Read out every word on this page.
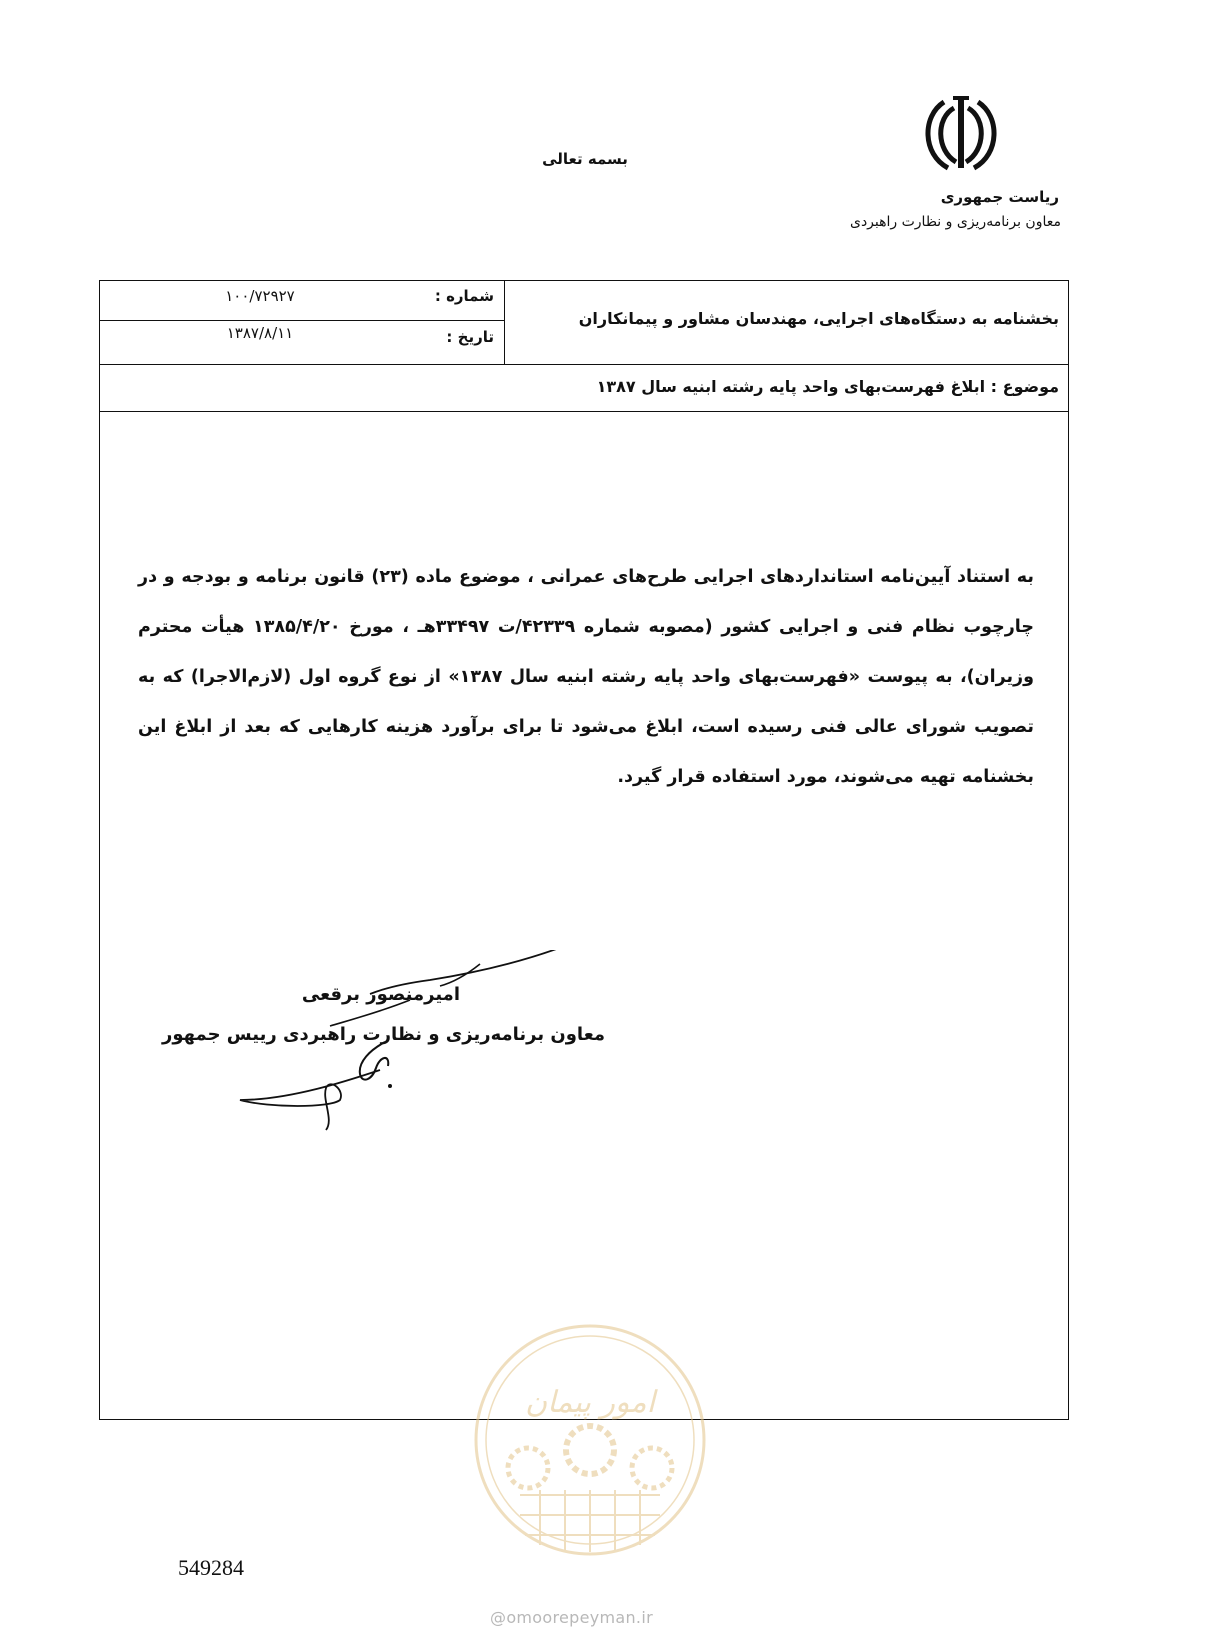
بسمه تعالی
ریاست جمهوری
معاون برنامه‌ریزی و نظارت راهبردی
بخشنامه به دستگاه‌های اجرایی، مهندسان مشاور و پیمانکاران
شماره :
۱۰۰/۷۲۹۲۷
تاریخ :
۱۳۸۷/۸/۱۱
موضوع : ابلاغ فهرست‌بهای واحد پایه رشته ابنیه سال ۱۳۸۷
به استناد آیین‌نامه استانداردهای اجرایی طرح‌های عمرانی ، موضوع ماده (۲۳) قانون برنامه و بودجه و در چارچوب نظام فنی و اجرایی کشور (مصوبه شماره ۴۲۳۳۹/ت ۳۳۴۹۷هـ ، مورخ ۱۳۸۵/۴/۲۰ هیأت محترم وزیران)، به پیوست «فهرست‌بهای واحد پایه رشته ابنیه سال ۱۳۸۷» از نوع گروه اول (لازم‌الاجرا) که به تصویب شورای عالی فنی رسیده است، ابلاغ می‌شود تا برای برآورد هزینه کارهایی که بعد از ابلاغ این بخشنامه تهیه می‌شوند، مورد استفاده قرار گیرد.
امیرمنصور برقعی
معاون برنامه‌ریزی و نظارت راهبردی رییس جمهور
امور پیمان
549284
@omoorepeyman.ir
